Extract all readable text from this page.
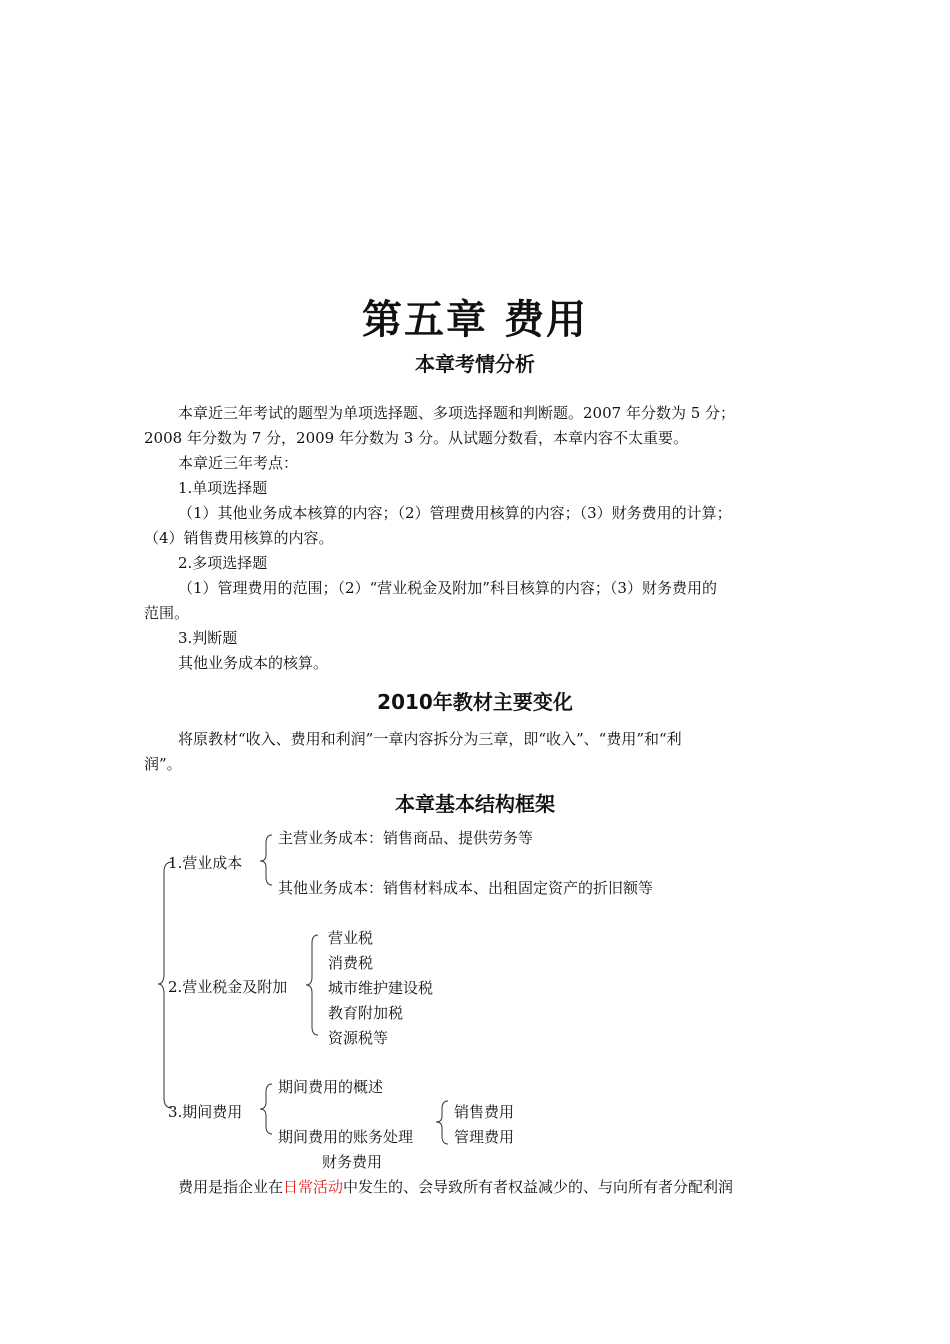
第五章 费用
本章考情分析
本章近三年考试的题型为单项选择题、多项选择题和判断题。2007 年分数为 5 分；
2008 年分数为 7 分，2009 年分数为 3 分。从试题分数看，本章内容不太重要。
本章近三年考点：
1.单项选择题
（1）其他业务成本核算的内容；（2）管理费用核算的内容；（3）财务费用的计算；
（4）销售费用核算的内容。
2.多项选择题
（1）管理费用的范围；（2）“营业税金及附加”科目核算的内容；（3）财务费用的
范围。
3.判断题
其他业务成本的核算。
2010年教材主要变化
将原教材“收入、费用和利润”一章内容拆分为三章，即“收入”、“费用”和“利
润”。
本章基本结构框架
1.营业成本
主营业务成本：销售商品、提供劳务等
其他业务成本：销售材料成本、出租固定资产的折旧额等
2.营业税金及附加
营业税
消费税
城市维护建设税
教育附加税
资源税等
3.期间费用
期间费用的概述
期间费用的账务处理
销售费用
管理费用
财务费用
费用是指企业在日常活动中发生的、会导致所有者权益减少的、与向所有者分配利润
